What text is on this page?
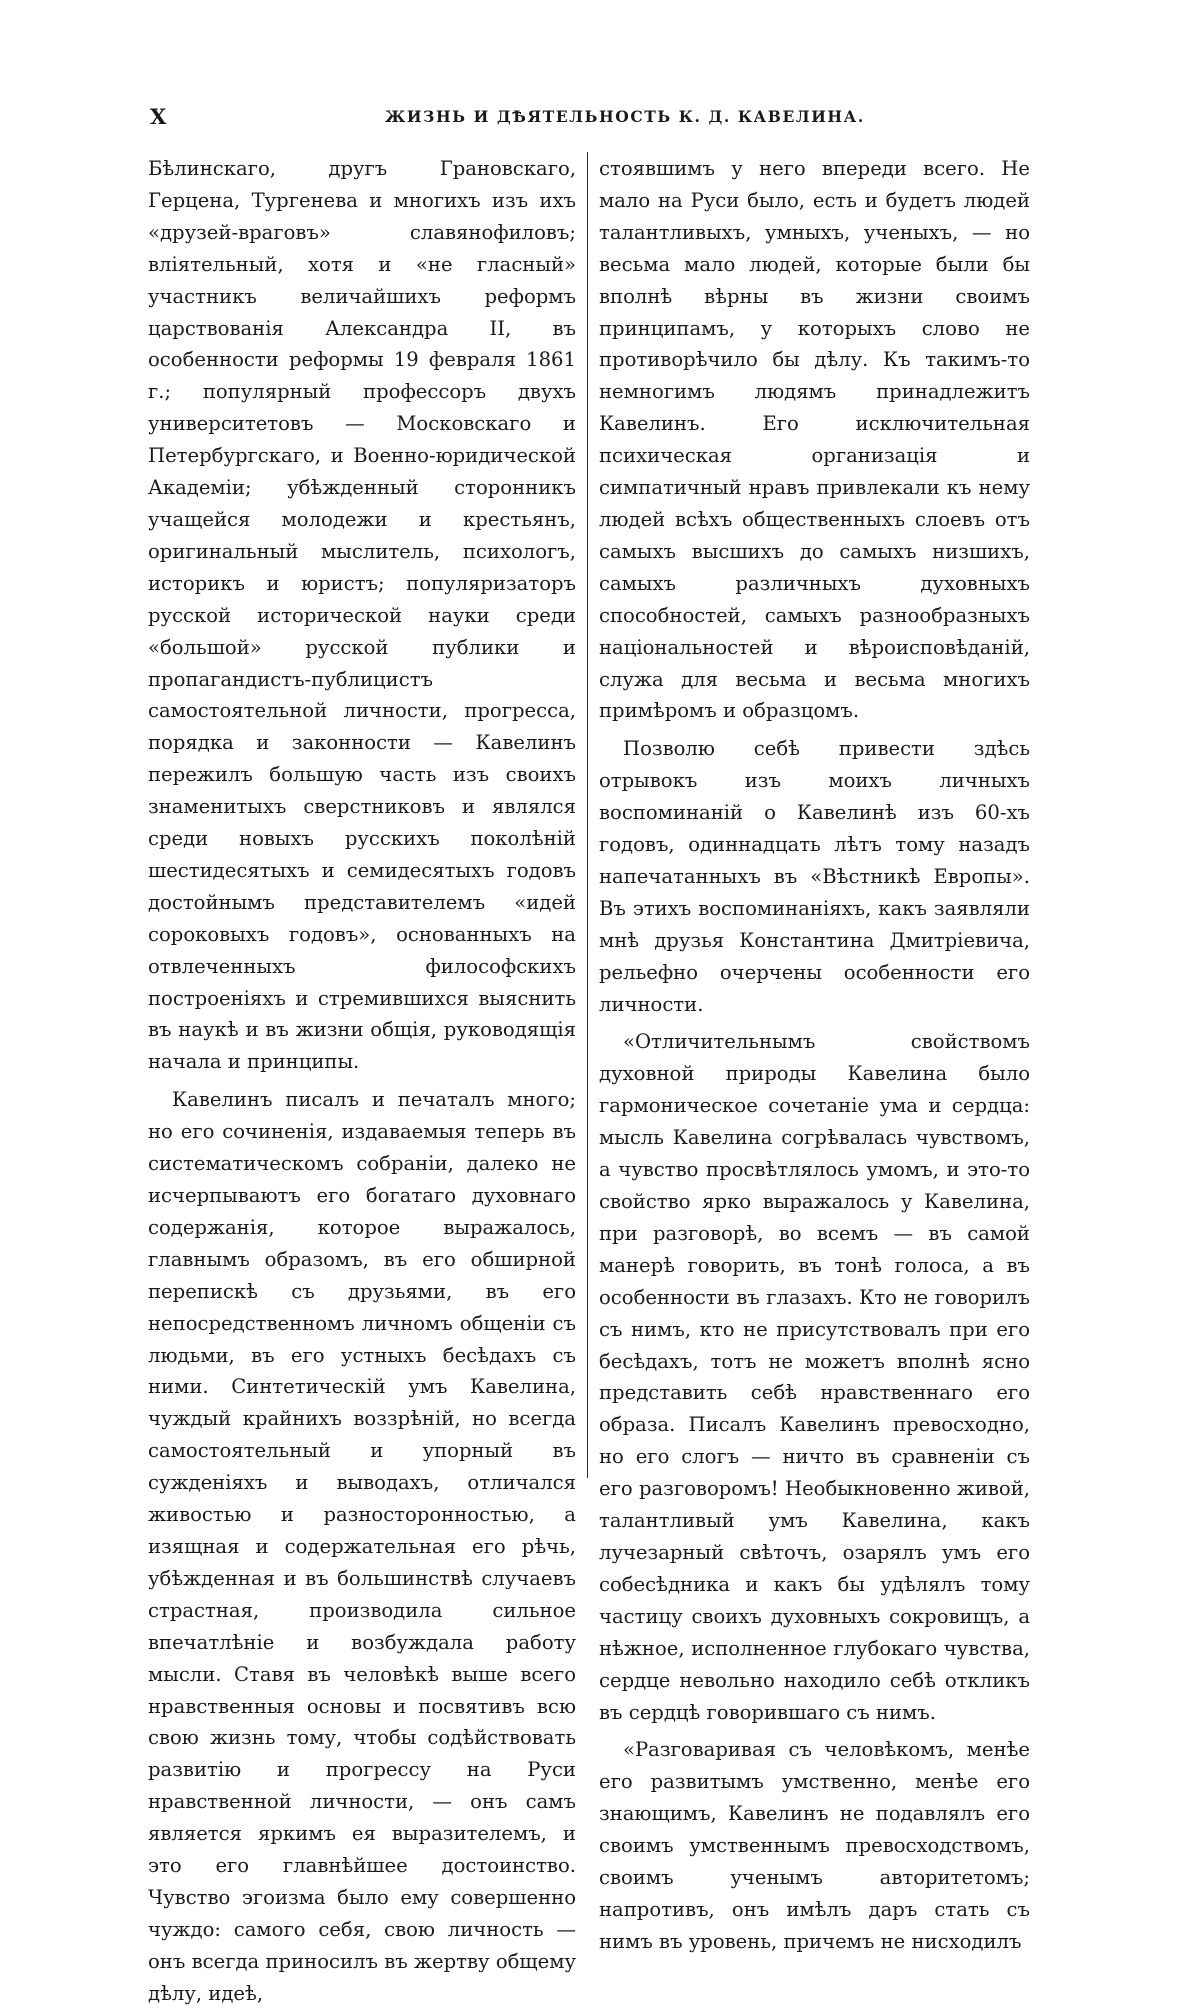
X	ЖИЗНЬ И ДѢЯТЕЛЬНОСТЬ К. Д. КАВЕЛИНА.

Бѣлинскаго, другъ Грановскаго, Герцена, Тургенева и многихъ изъ ихъ «друзей-враговъ» славянофиловъ; вліятельный, хотя и «не гласный» участникъ величайшихъ реформъ царствованія Александра II, въ особенности реформы 19 февраля 1861 г.; популярный профессоръ двухъ университетовъ — Московскаго и Петербургскаго, и Военно-юридической Академіи; убѣжденный сторонникъ учащейся молодежи и крестьянъ, оригинальный мыслитель, психологъ, историкъ и юристъ; популяризаторъ русской исторической науки среди «большой» русской публики и пропагандистъ-публицистъ самостоятельной личности, прогресса, порядка и законности — Кавелинъ пережилъ большую часть изъ своихъ знаменитыхъ сверстниковъ и являлся среди новыхъ русскихъ поколѣній шестидесятыхъ и семидесятыхъ годовъ достойнымъ представителемъ «идей сороковыхъ годовъ», основанныхъ на отвлеченныхъ философскихъ построеніяхъ и стремившихся выяснить въ наукѣ и въ жизни общія, руководящія начала и принципы.

Кавелинъ писалъ и печаталъ много; но его сочиненія, издаваемыя теперь въ систематическомъ собраніи, далеко не исчерпываютъ его богатаго духовнаго содержанія, которое выражалось, главнымъ образомъ, въ его обширной перепискѣ съ друзьями, въ его непосредственномъ личномъ общеніи съ людьми, въ его устныхъ бесѣдахъ съ ними. Синтетическій умъ Кавелина, чуждый крайнихъ воззрѣній, но всегда самостоятельный и упорный въ сужденіяхъ и выводахъ, отличался живостью и разносторонностью, а изящная и содержательная его рѣчь, убѣжденная и въ большинствѣ случаевъ страстная, производила сильное впечатлѣніе и возбуждала работу мысли. Ставя въ человѣкѣ выше всего нравственныя основы и посвятивъ всю свою жизнь тому, чтобы содѣйствовать развитію и прогрессу на Руси нравственной личности, — онъ самъ является яркимъ ея выразителемъ, и это его главнѣйшее достоинство. Чувство эгоизма было ему совершенно чуждо: самого себя, свою личность — онъ всегда приносилъ въ жертву общему дѣлу, идеѣ,

стоявшимъ у него впереди всего. Не мало на Руси было, есть и будетъ людей талантливыхъ, умныхъ, ученыхъ, — но весьма мало людей, которые были бы вполнѣ вѣрны въ жизни своимъ принципамъ, у которыхъ слово не противорѣчило бы дѣлу. Къ такимъ-то немногимъ людямъ принадлежитъ Кавелинъ. Его исключительная психическая организація и симпатичный нравъ привлекали къ нему людей всѣхъ общественныхъ слоевъ отъ самыхъ высшихъ до самыхъ низшихъ, самыхъ различныхъ духовныхъ способностей, самыхъ разнообразныхъ національностей и вѣроисповѣданій, служа для весьма и весьма многихъ примѣромъ и образцомъ.

Позволю себѣ привести здѣсь отрывокъ изъ моихъ личныхъ воспоминаній о Кавелинѣ изъ 60-хъ годовъ, одиннадцать лѣтъ тому назадъ напечатанныхъ въ «Вѣстникѣ Европы». Въ этихъ воспоминаніяхъ, какъ заявляли мнѣ друзья Константина Дмитріевича, рельефно очерчены особенности его личности.

«Отличительнымъ свойствомъ духовной природы Кавелина было гармоническое сочетаніе ума и сердца: мысль Кавелина согрѣвалась чувствомъ, а чувство просвѣтлялось умомъ, и это-то свойство ярко выражалось у Кавелина, при разговорѣ, во всемъ — въ самой манерѣ говорить, въ тонѣ голоса, а въ особенности въ глазахъ. Кто не говорилъ съ нимъ, кто не присутствовалъ при его бесѣдахъ, тотъ не можетъ вполнѣ ясно представить себѣ нравственнаго его образа. Писалъ Кавелинъ превосходно, но его слогъ — ничто въ сравненіи съ его разговоромъ! Необыкновенно живой, талантливый умъ Кавелина, какъ лучезарный свѣточъ, озарялъ умъ его собесѣдника и какъ бы удѣлялъ тому частицу своихъ духовныхъ сокровищъ, а нѣжное, исполненное глубокаго чувства, сердце невольно находило себѣ откликъ въ сердцѣ говорившаго съ нимъ.

«Разговаривая съ человѣкомъ, менѣе его развитымъ умственно, менѣе его знающимъ, Кавелинъ не подавлялъ его своимъ умственнымъ превосходствомъ, своимъ ученымъ авторитетомъ; напротивъ, онъ имѣлъ даръ стать съ нимъ въ уровень, причемъ не нисходилъ
